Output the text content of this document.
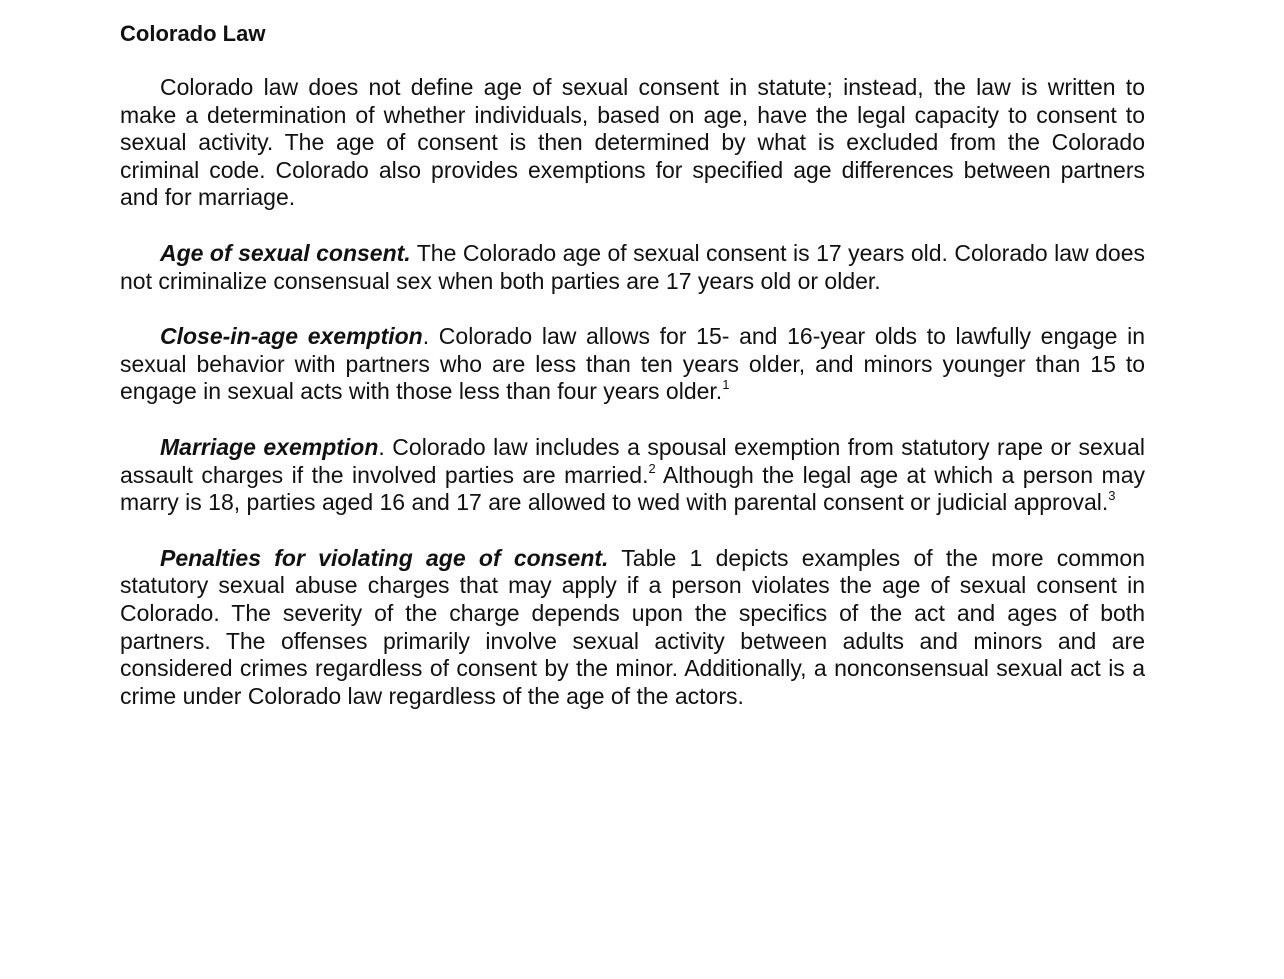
Colorado Law

Colorado law does not define age of sexual consent in statute; instead, the law is written to make a determination of whether individuals, based on age, have the legal capacity to consent to sexual activity. The age of consent is then determined by what is excluded from the Colorado criminal code. Colorado also provides exemptions for specified age differences between partners and for marriage.

Age of sexual consent. The Colorado age of sexual consent is 17 years old. Colorado law does not criminalize consensual sex when both parties are 17 years old or older.

Close-in-age exemption. Colorado law allows for 15- and 16-year olds to lawfully engage in sexual behavior with partners who are less than ten years older, and minors younger than 15 to engage in sexual acts with those less than four years older.$^1$

Marriage exemption. Colorado law includes a spousal exemption from statutory rape or sexual assault charges if the involved parties are married.$^2$ Although the legal age at which a person may marry is 18, parties aged 16 and 17 are allowed to wed with parental consent or judicial approval.$^3$

Penalties for violating age of consent. Table 1 depicts examples of the more common statutory sexual abuse charges that may apply if a person violates the age of sexual consent in Colorado. The severity of the charge depends upon the specifics of the act and ages of both partners. The offenses primarily involve sexual activity between adults and minors and are considered crimes regardless of consent by the minor. Additionally, a nonconsensual sexual act is a crime under Colorado law regardless of the age of the actors.
